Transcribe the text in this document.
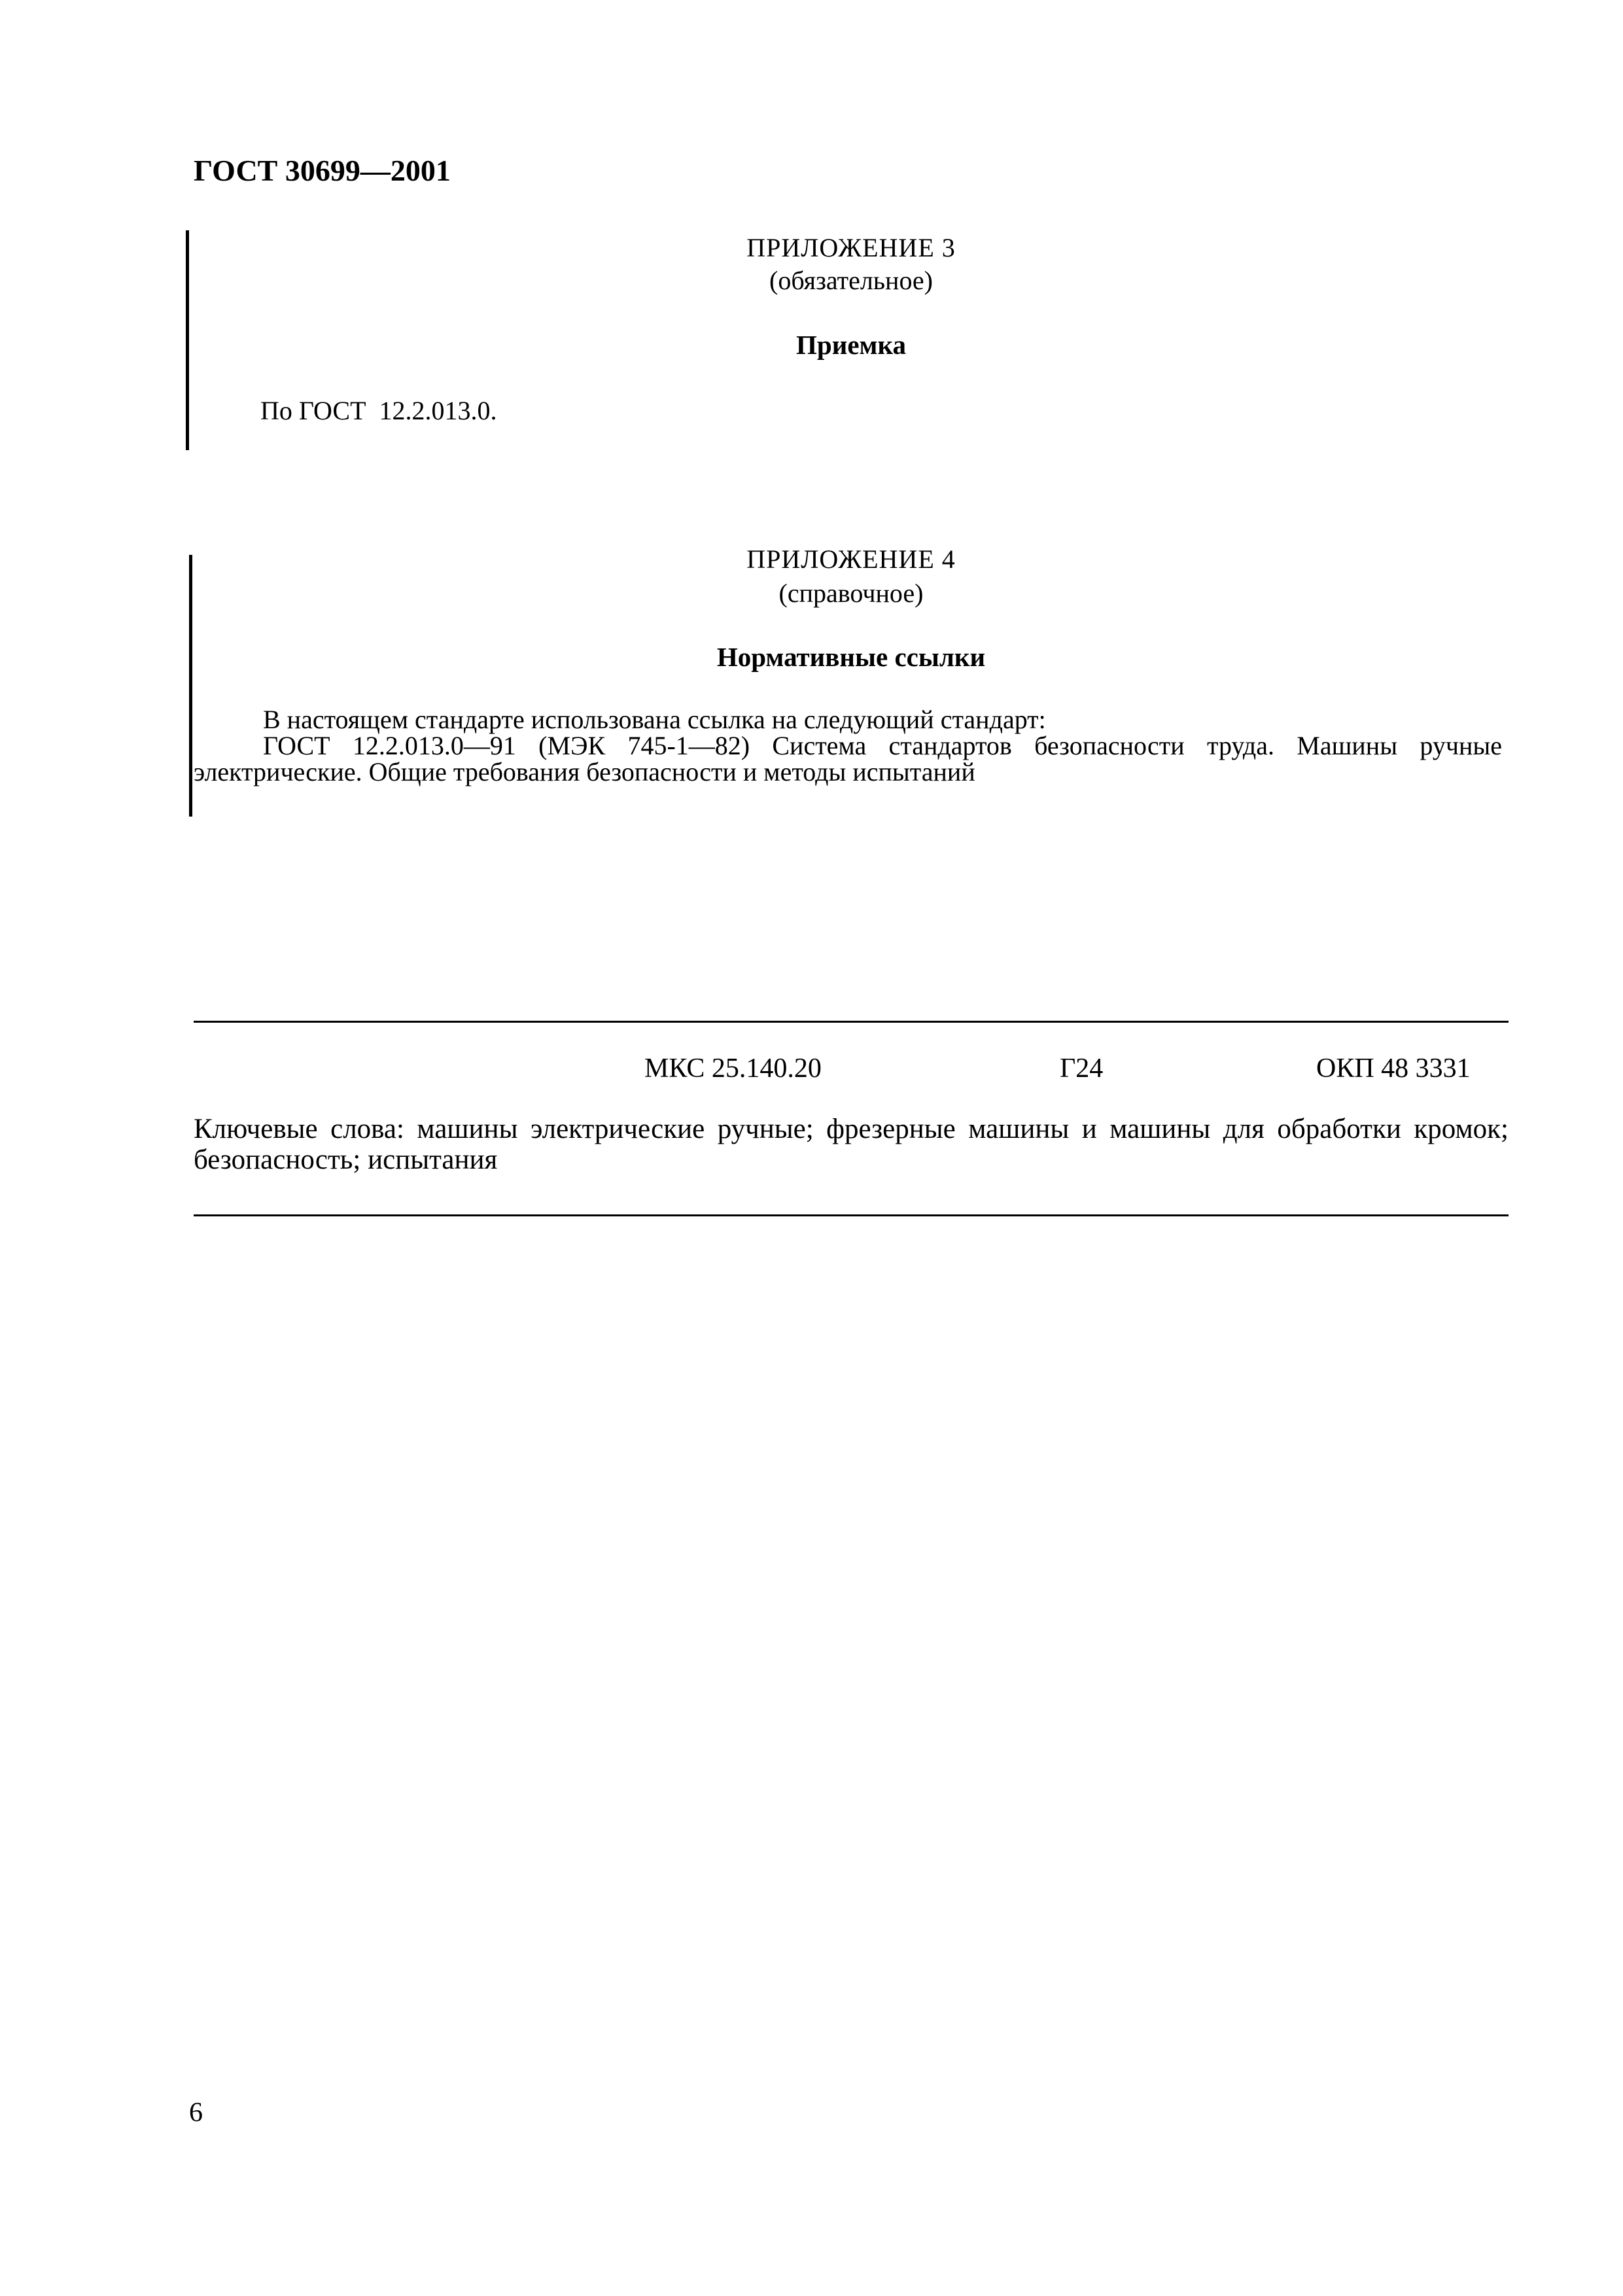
ГОСТ 30699—2001
ПРИЛОЖЕНИЕ 3
(обязательное)
Приемка
По ГОСТ  12.2.013.0.
ПРИЛОЖЕНИЕ 4
(справочное)
Нормативные ссылки

В настоящем стандарте использована ссылка на следующий стандарт:

ГОСТ 12.2.013.0—91 (МЭК 745-1—82) Система стандартов безопасности труда. Машины ручные электрические. Общие требования безопасности и методы испытаний

МКС 25.140.20	Г24	ОКП 48 3331

Ключевые слова: машины электрические ручные; фрезерные машины и машины для обработки кромок; безопасность; испытания

6
